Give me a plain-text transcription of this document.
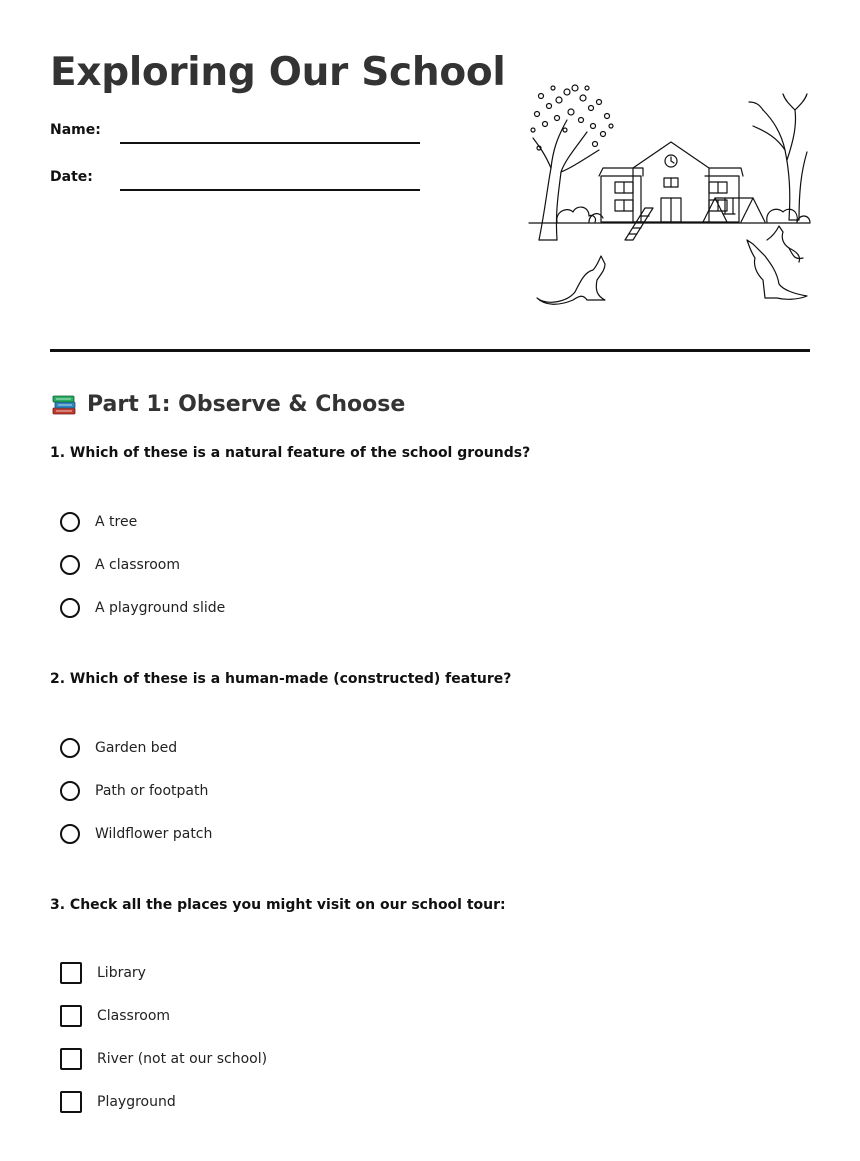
Exploring Our School
Name:
Date:
Part 1: Observe & Choose
1. Which of these is a natural feature of the school grounds?
A tree
A classroom
A playground slide
2. Which of these is a human-made (constructed) feature?
Garden bed
Path or footpath
Wildflower patch
3. Check all the places you might visit on our school tour:
Library
Classroom
River (not at our school)
Playground
